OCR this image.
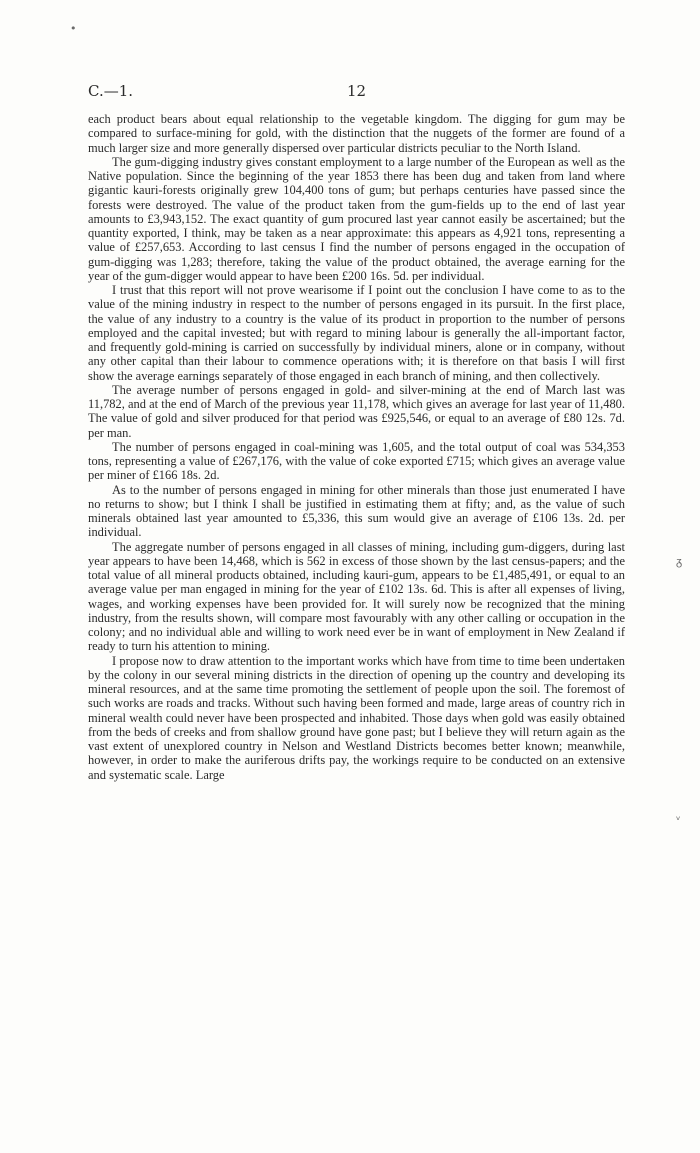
•
ᵹ
ᵥ
C.—1.	12

each product bears about equal relationship to the vegetable kingdom. The digging for gum may be compared to surface-mining for gold, with the distinction that the nuggets of the former are found of a much larger size and more generally dispersed over particular districts peculiar to the North Island.

The gum-digging industry gives constant employment to a large number of the European as well as the Native population. Since the beginning of the year 1853 there has been dug and taken from land where gigantic kauri-forests originally grew 104,400 tons of gum; but perhaps centuries have passed since the forests were destroyed. The value of the product taken from the gum-fields up to the end of last year amounts to £3,943,152. The exact quantity of gum procured last year cannot easily be ascertained; but the quantity exported, I think, may be taken as a near approximate: this appears as 4,921 tons, representing a value of £257,653. According to last census I find the number of persons engaged in the occupation of gum-digging was 1,283; therefore, taking the value of the product obtained, the average earning for the year of the gum-digger would appear to have been £200 16s. 5d. per individual.

I trust that this report will not prove wearisome if I point out the conclusion I have come to as to the value of the mining industry in respect to the number of persons engaged in its pursuit. In the first place, the value of any industry to a country is the value of its product in proportion to the number of persons employed and the capital invested; but with regard to mining labour is generally the all-important factor, and frequently gold-mining is carried on successfully by individual miners, alone or in company, without any other capital than their labour to commence operations with; it is therefore on that basis I will first show the average earnings separately of those engaged in each branch of mining, and then collectively.

The average number of persons engaged in gold- and silver-mining at the end of March last was 11,782, and at the end of March of the previous year 11,178, which gives an average for last year of 11,480. The value of gold and silver produced for that period was £925,546, or equal to an average of £80 12s. 7d. per man.

The number of persons engaged in coal-mining was 1,605, and the total output of coal was 534,353 tons, representing a value of £267,176, with the value of coke exported £715; which gives an average value per miner of £166 18s. 2d.

As to the number of persons engaged in mining for other minerals than those just enumerated I have no returns to show; but I think I shall be justified in estimating them at fifty; and, as the value of such minerals obtained last year amounted to £5,336, this sum would give an average of £106 13s. 2d. per individual.

The aggregate number of persons engaged in all classes of mining, including gum-diggers, during last year appears to have been 14,468, which is 562 in excess of those shown by the last census-papers; and the total value of all mineral products obtained, including kauri-gum, appears to be £1,485,491, or equal to an average value per man engaged in mining for the year of £102 13s. 6d. This is after all expenses of living, wages, and working expenses have been provided for. It will surely now be recognized that the mining industry, from the results shown, will compare most favourably with any other calling or occupation in the colony; and no individual able and willing to work need ever be in want of employment in New Zealand if ready to turn his attention to mining.

I propose now to draw attention to the important works which have from time to time been undertaken by the colony in our several mining districts in the direction of opening up the country and developing its mineral resources, and at the same time promoting the settlement of people upon the soil. The foremost of such works are roads and tracks. Without such having been formed and made, large areas of country rich in mineral wealth could never have been prospected and inhabited. Those days when gold was easily obtained from the beds of creeks and from shallow ground have gone past; but I believe they will return again as the vast extent of unexplored country in Nelson and Westland Districts becomes better known; meanwhile, however, in order to make the auriferous drifts pay, the workings require to be conducted on an extensive and systematic scale. Large
